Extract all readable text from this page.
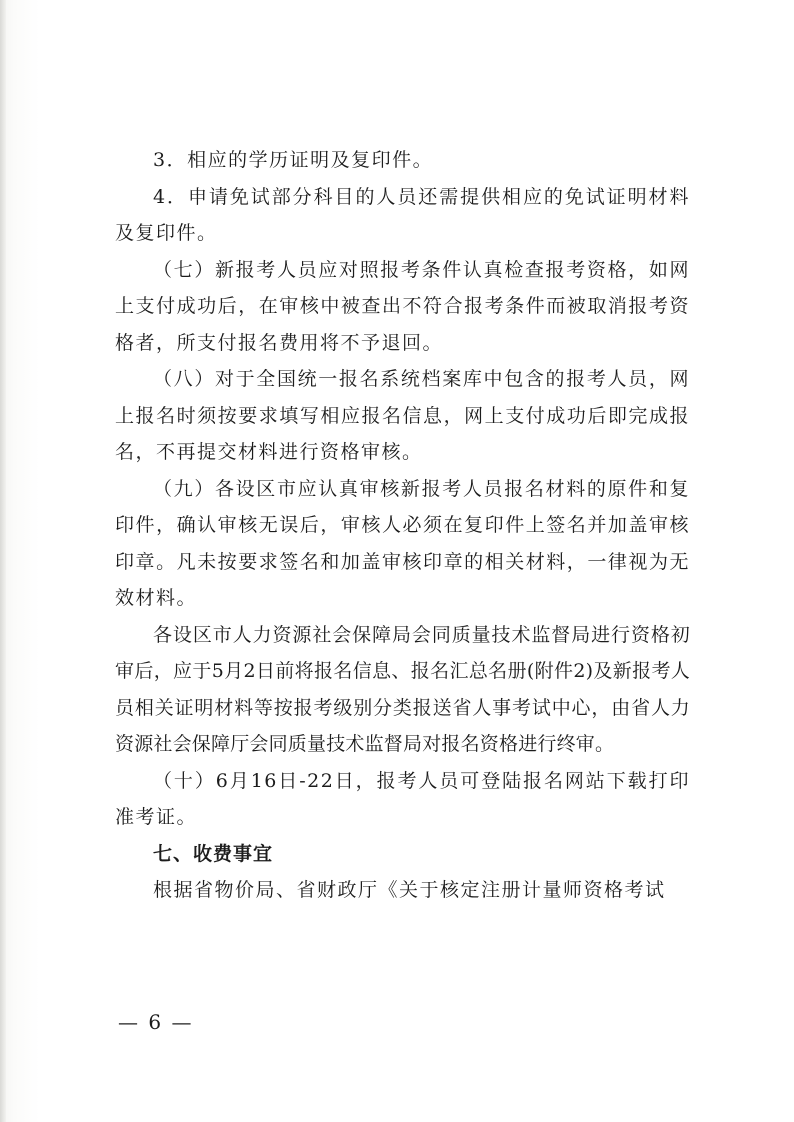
3．相应的学历证明及复印件。

4．申请免试部分科目的人员还需提供相应的免试证明材料及复印件。

（七）新报考人员应对照报考条件认真检查报考资格，如网上支付成功后，在审核中被查出不符合报考条件而被取消报考资格者，所支付报名费用将不予退回。

（八）对于全国统一报名系统档案库中包含的报考人员，网上报名时须按要求填写相应报名信息，网上支付成功后即完成报名，不再提交材料进行资格审核。

（九）各设区市应认真审核新报考人员报名材料的原件和复印件，确认审核无误后，审核人必须在复印件上签名并加盖审核印章。凡未按要求签名和加盖审核印章的相关材料，一律视为无效材料。

各设区市人力资源社会保障局会同质量技术监督局进行资格初审后，应于5月2日前将报名信息、报名汇总名册(附件2)及新报考人员相关证明材料等按报考级别分类报送省人事考试中心，由省人力资源社会保障厅会同质量技术监督局对报名资格进行终审。

（十）6月16日-22日，报考人员可登陆报名网站下载打印准考证。

七、收费事宜

根据省物价局、省财政厅《关于核定注册计量师资格考试

— 6 —
